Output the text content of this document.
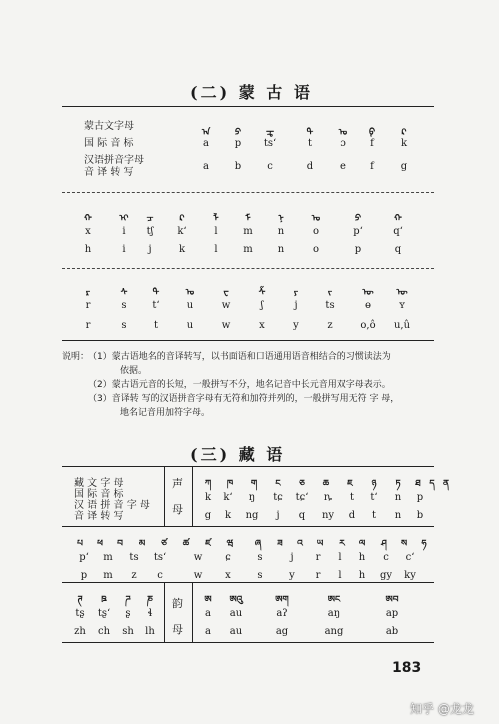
(二) 蒙 古 语
蒙古文字母
国 际 音 标
汉语拼音字母
音 译 转 写
ᠠ	ᠫ	ᠼ	ᠲ	ᠣ	ᠹ	ᠺ
a	p	tsʻ	t	ɔ	f	k
a	b	c	d	e	f	g
ᠬ	ᠢ	ᠴ	ᠺ	ᠯ	ᠮ	ᠨ	ᠣ	ᠫ	ᠬ
x	i	tʃ	kʻ	l	m	n	o	pʻ	qʻ
h	i	j	k	l	m	n	o	p	q
ᠷ	ᠰ	ᠲ	ᠤ	ᠸ	ᠱ	ᠶ	ᠵ	ᠥ	ᠦ
r	s	tʻ	u	w	ʃ	j	ts	ɵ	ʏ
r	s	t	u	w	x	y	z	o,ô	u,û
说明：
（1）蒙古语地名的音译转写，以书面语和口语通用语音相结合的习惯读法为
依据。
（2）蒙古语元音的长短，一般拼写不分，地名记音中长元音用双字母表示。
（3）音译转 写的汉语拼音字母有无符和加符并列的，一般拼写用无符 字 母，
地名记音用加符字母。
(三) 藏 语
藏 文 字 母
国 际 音 标
汉 语 拼 音 字 母
音 译 转 写
声
母
ཀ	ཁ	ག	ང	ཅ	ཆ	ཇ	ཉ	ཏ	ཐ ད ན
k	kʻ	ŋ	tɕ	tɕʻ	ȵ	t	tʻ	n	p
g	k	ng	j	q	ny	d	t	n	b
པ	ཕ	བ	མ	ཙ	ཚ	ཛ	ཝ	ཞ	ཟ	འ	ཡ	ར	ལ	ཤ	ས	ཧ
pʻ	m	ts	tsʻ	w	ɕ	s	j	r	l	h	c	cʻ
p	m	z	c	w	x	s	y	r	l	h	gy	ky
韵
母
ཊ	ཋ	ཌ	ཎ
tʂ	tʂʻ	ʂ	ɬ
zh	ch	sh	lh
ཨ	ཨའུ	ཨག	ཨང	ཨབ
a	au	aʔ	aŋ	ap
a	au	ag	ang	ab
183
知乎 @龙龙
